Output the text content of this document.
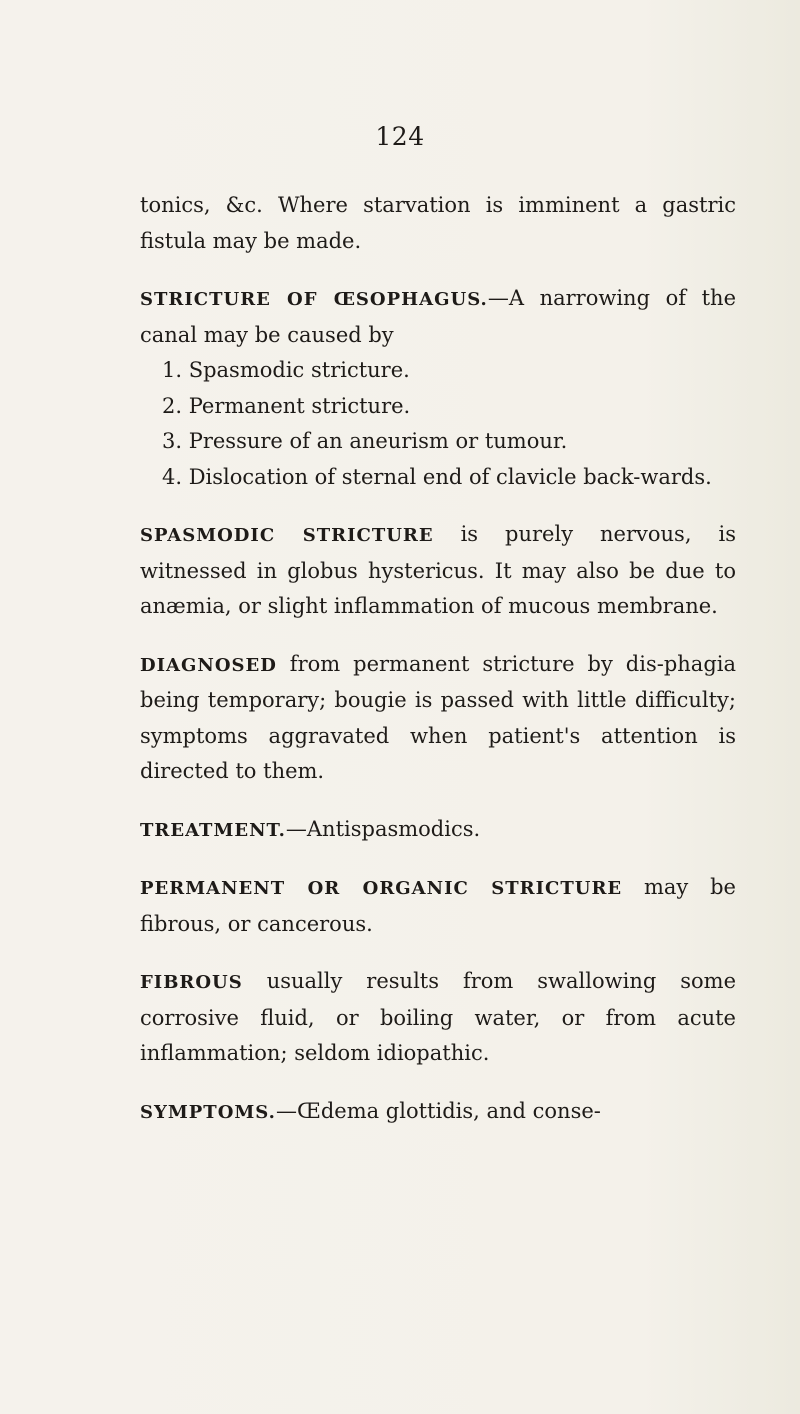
124

tonics, &c. Where starvation is imminent a gastric fistula may be made.

STRICTURE OF ŒSOPHAGUS.—A narrowing of the canal may be caused by

1. Spasmodic stricture.

2. Permanent stricture.

3. Pressure of an aneurism or tumour.

4. Dislocation of sternal end of clavicle back-wards.

SPASMODIC STRICTURE is purely nervous, is witnessed in globus hystericus. It may also be due to anæmia, or slight inflammation of mucous membrane.

DIAGNOSED from permanent stricture by dis-phagia being temporary; bougie is passed with little difficulty; symptoms aggravated when patient's attention is directed to them.

TREATMENT.—Antispasmodics.

PERMANENT OR ORGANIC STRICTURE may be fibrous, or cancerous.

FIBROUS usually results from swallowing some corrosive fluid, or boiling water, or from acute inflammation; seldom idiopathic.

SYMPTOMS.—Œdema glottidis, and conse-
